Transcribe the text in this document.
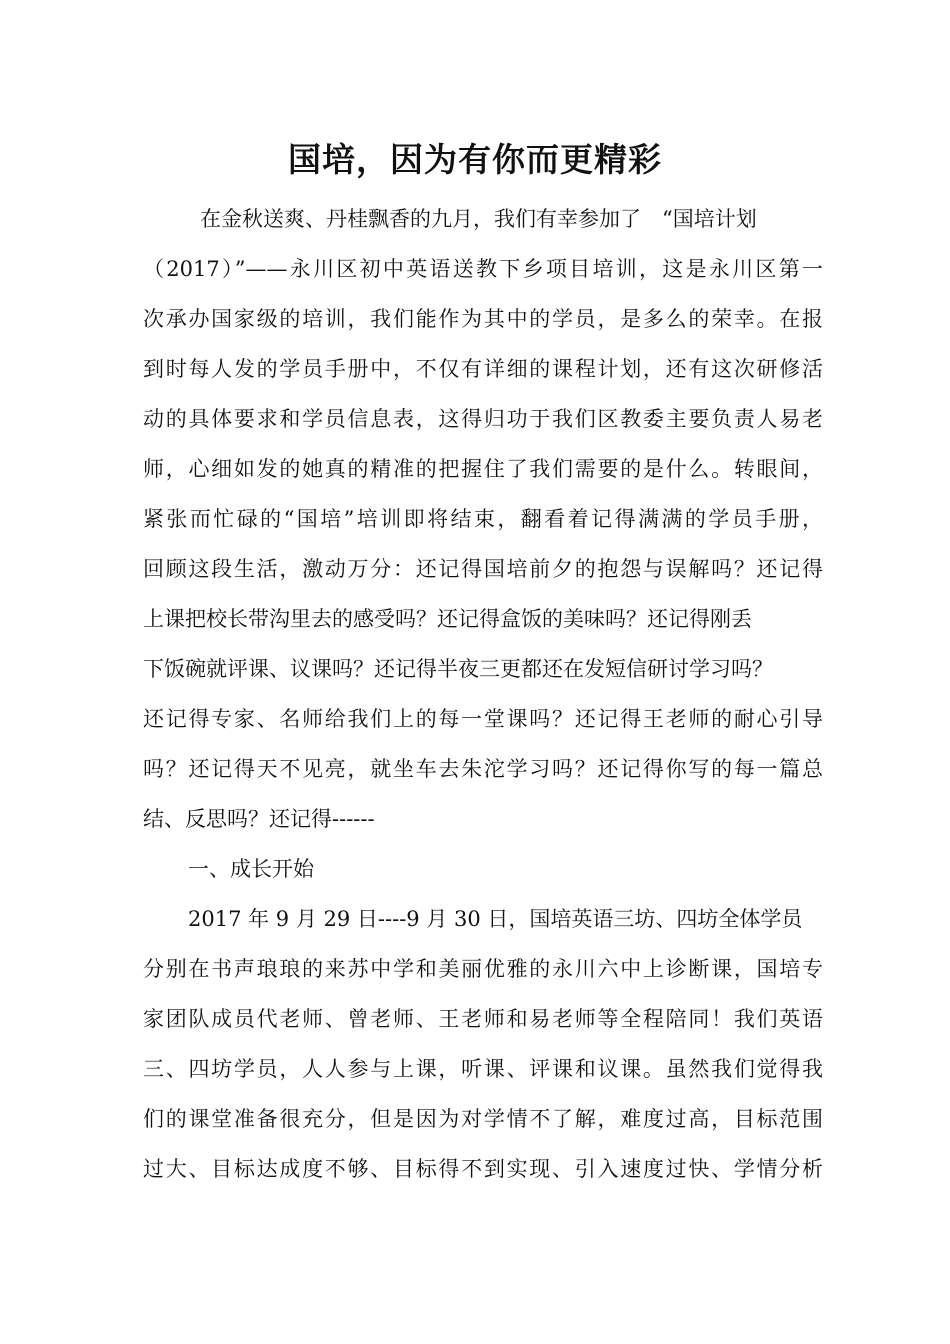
国培，因为有你而更精彩
在金秋送爽、丹桂飘香的九月，我们有幸参加了　“国培计划
（2017）”——永川区初中英语送教下乡项目培训，这是永川区第一
次承办国家级的培训，我们能作为其中的学员，是多么的荣幸。在报
到时每人发的学员手册中，不仅有详细的课程计划，还有这次研修活
动的具体要求和学员信息表，这得归功于我们区教委主要负责人易老
师，心细如发的她真的精准的把握住了我们需要的是什么。转眼间，
紧张而忙碌的“国培”培训即将结束，翻看着记得满满的学员手册，
回顾这段生活，激动万分：还记得国培前夕的抱怨与误解吗？还记得
上课把校长带沟里去的感受吗？还记得盒饭的美味吗？还记得刚丢
下饭碗就评课、议课吗？还记得半夜三更都还在发短信研讨学习吗？
还记得专家、名师给我们上的每一堂课吗？还记得王老师的耐心引导
吗？还记得天不见亮，就坐车去朱沱学习吗？还记得你写的每一篇总
结、反思吗？还记得------
一、成长开始
2017 年 9 月 29 日----9 月 30 日，国培英语三坊、四坊全体学员
分别在书声琅琅的来苏中学和美丽优雅的永川六中上诊断课，国培专
家团队成员代老师、曾老师、王老师和易老师等全程陪同！我们英语
三、四坊学员，人人参与上课，听课、评课和议课。虽然我们觉得我
们的课堂准备很充分，但是因为对学情不了解，难度过高，目标范围
过大、目标达成度不够、目标得不到实现、引入速度过快、学情分析
